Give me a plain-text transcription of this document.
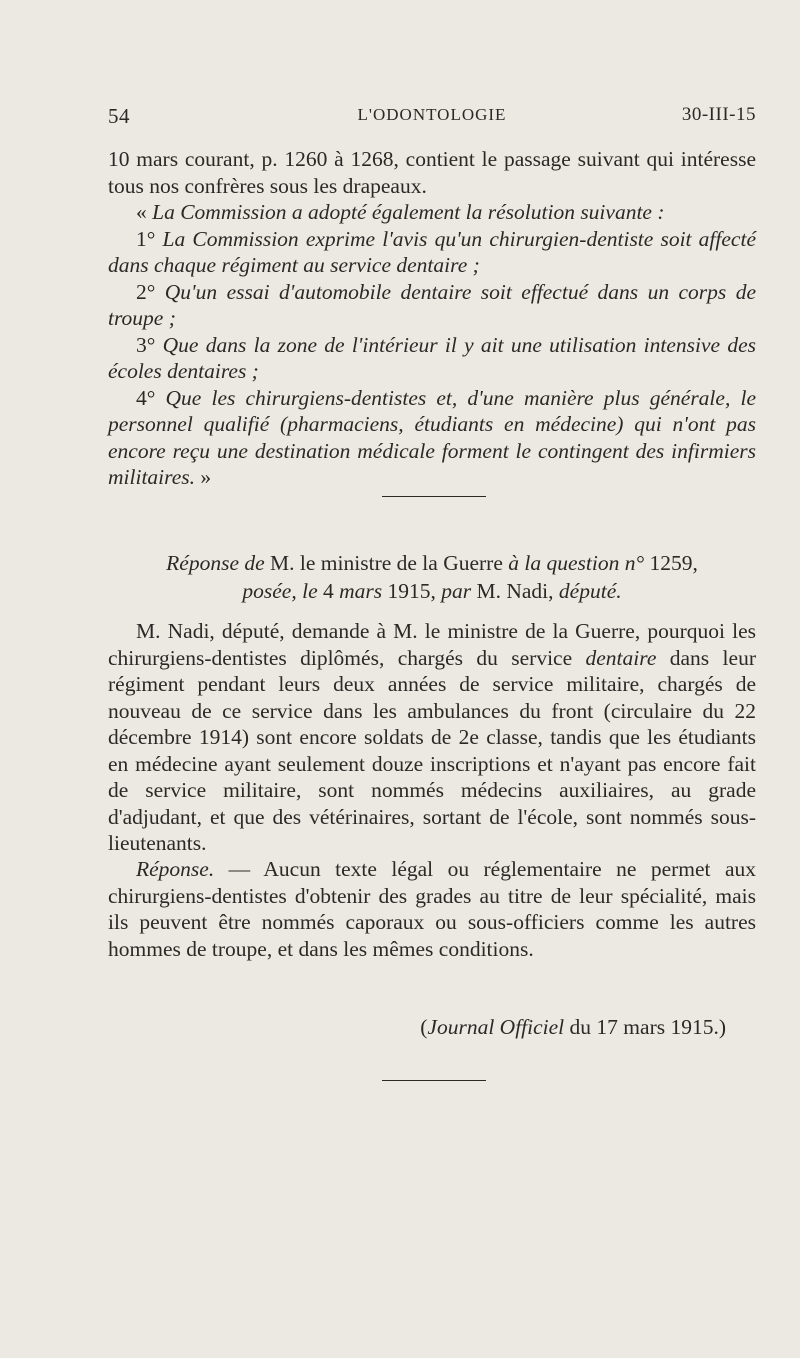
54	L'ODONTOLOGIE	30-III-15

10 mars courant, p. 1260 à 1268, contient le passage suivant qui intéresse tous nos confrères sous les drapeaux.

« La Commission a adopté également la résolution suivante :

1° La Commission exprime l'avis qu'un chirurgien-dentiste soit affecté dans chaque régiment au service dentaire ;

2° Qu'un essai d'automobile dentaire soit effectué dans un corps de troupe ;

3° Que dans la zone de l'intérieur il y ait une utilisation intensive des écoles dentaires ;

4° Que les chirurgiens-dentistes et, d'une manière plus générale, le personnel qualifié (pharmaciens, étudiants en médecine) qui n'ont pas encore reçu une destination médicale forment le contingent des infirmiers militaires. »

Réponse de M. le ministre de la Guerre à la question n° 1259,
posée, le 4 mars 1915, par M. Nadi, député.

M. Nadi, député, demande à M. le ministre de la Guerre, pourquoi les chirurgiens-dentistes diplômés, chargés du service dentaire dans leur régiment pendant leurs deux années de service militaire, chargés de nouveau de ce service dans les ambulances du front (circulaire du 22 décembre 1914) sont encore soldats de 2e classe, tandis que les étudiants en médecine ayant seulement douze inscriptions et n'ayant pas encore fait de service militaire, sont nommés médecins auxiliaires, au grade d'adjudant, et que des vétérinaires, sortant de l'école, sont nommés sous-lieutenants.

Réponse. — Aucun texte légal ou réglementaire ne permet aux chirurgiens-dentistes d'obtenir des grades au titre de leur spécialité, mais ils peuvent être nommés caporaux ou sous-officiers comme les autres hommes de troupe, et dans les mêmes conditions.

(Journal Officiel du 17 mars 1915.)
